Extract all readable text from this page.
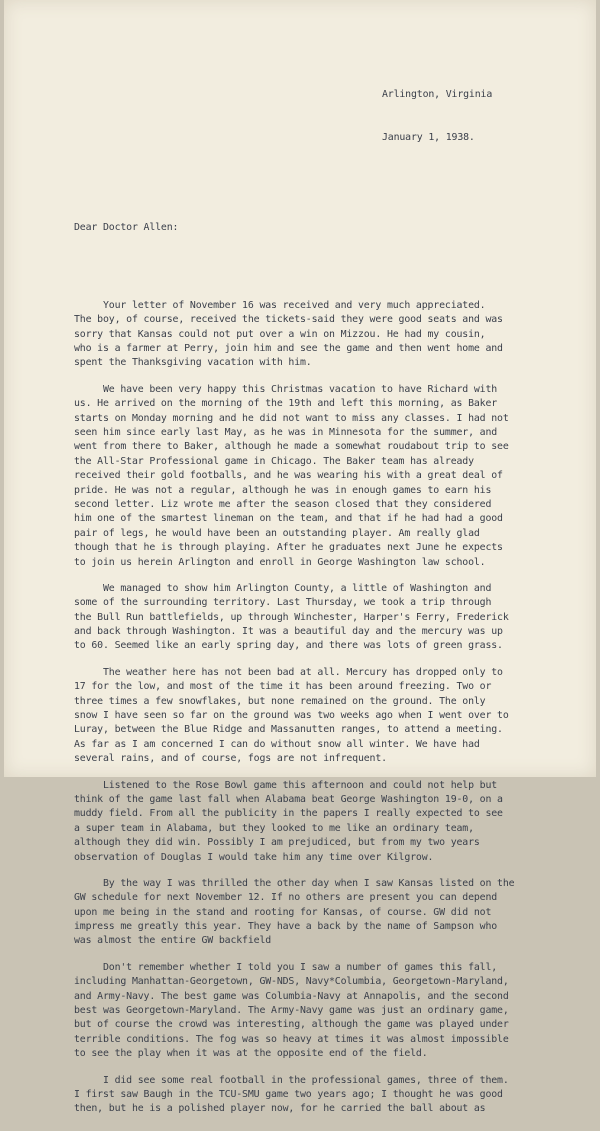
Arlington, Virginia

January 1, 1938.

Dear Doctor Allen:

Your letter of November 16 was received and very much appreciated.
The boy, of course, received the tickets-said they were good seats and was
sorry that Kansas could not put over a win on Mizzou. He had my cousin,
who is a farmer at Perry, join him and see the game and then went home and
spent the Thanksgiving vacation with him.
We have been very happy this Christmas vacation to have Richard with
us. He arrived on the morning of the 19th and left this morning, as Baker
starts on Monday morning and he did not want to miss any classes. I had not
seen him since early last May, as he was in Minnesota for the summer, and
went from there to Baker, although he made a somewhat roudabout trip to see
the All-Star Professional game in Chicago. The Baker team has already
received their gold footballs, and he was wearing his with a great deal of
pride. He was not a regular, although he was in enough games to earn his
second letter. Liz wrote me after the season closed that they considered
him one of the smartest lineman on the team, and that if he had had a good
pair of legs, he would have been an outstanding player. Am really glad
though that he is through playing. After he graduates next June he expects
to join us herein Arlington and enroll in George Washington law school.
We managed to show him Arlington County, a little of Washington and
some of the surrounding territory. Last Thursday, we took a trip through
the Bull Run battlefields, up through Winchester, Harper's Ferry, Frederick
and back through Washington. It was a beautiful day and the mercury was up
to 60. Seemed like an early spring day, and there was lots of green grass.
The weather here has not been bad at all. Mercury has dropped only to
17 for the low, and most of the time it has been around freezing. Two or
three times a few snowflakes, but none remained on the ground. The only
snow I have seen so far on the ground was two weeks ago when I went over to
Luray, between the Blue Ridge and Massanutten ranges, to attend a meeting.
As far as I am concerned I can do without snow all winter. We have had
several rains, and of course, fogs are not infrequent.
Listened to the Rose Bowl game this afternoon and could not help but
think of the game last fall when Alabama beat George Washington 19-0, on a
muddy field. From all the publicity in the papers I really expected to see
a super team in Alabama, but they looked to me like an ordinary team,
although they did win. Possibly I am prejudiced, but from my two years
observation of Douglas I would take him any time over Kilgrow.
By the way I was thrilled the other day when I saw Kansas listed on the
GW schedule for next November 12. If no others are present you can depend
upon me being in the stand and rooting for Kansas, of course. GW did not
impress me greatly this year. They have a back by the name of Sampson who
was almost the entire GW backfield
Don't remember whether I told you I saw a number of games this fall,
including Manhattan-Georgetown, GW-NDS, Navy*Columbia, Georgetown-Maryland,
and Army-Navy. The best game was Columbia-Navy at Annapolis, and the second
best was Georgetown-Maryland. The Army-Navy game was just an ordinary game,
but of course the crowd was interesting, although the game was played under
terrible conditions. The fog was so heavy at times it was almost impossible
to see the play when it was at the opposite end of the field.
I did see some real football in the professional games, three of them.
I first saw Baugh in the TCU-SMU game two years ago; I thought he was good
then, but he is a polished player now, for he carried the ball about as
